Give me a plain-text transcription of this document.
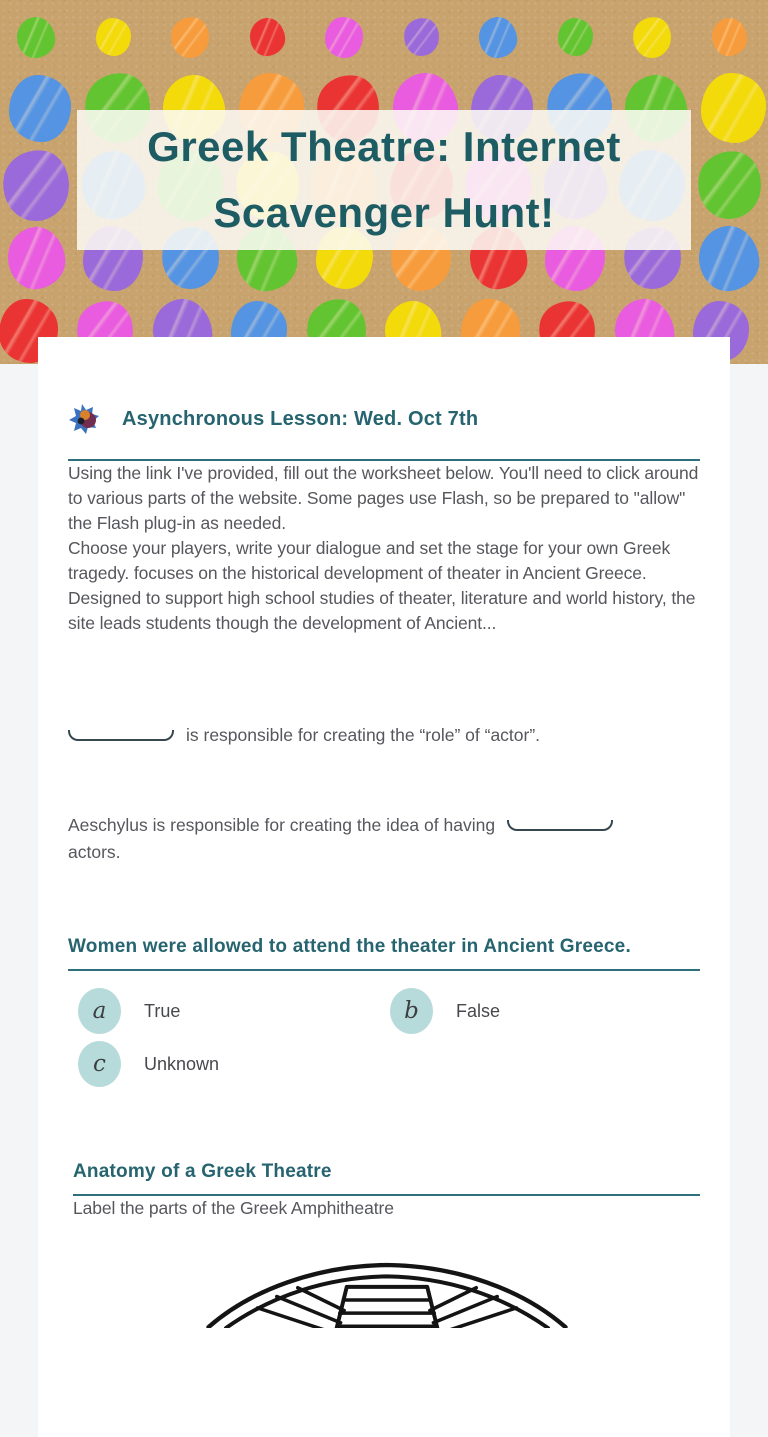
Greek Theatre: Internet Scavenger Hunt!
Asynchronous Lesson: Wed. Oct 7th

Using the link I've provided, fill out the worksheet below. You'll need to click around to various parts of the website. Some pages use Flash, so be prepared to "allow" the Flash plug-in as needed.

Choose your players, write your dialogue and set the stage for your own Greek tragedy. focuses on the historical development of theater in Ancient Greece. Designed to support high school studies of theater, literature and world history, the site leads students though the development of Ancient...

is responsible for creating the “role” of “actor”.
Aeschylus is responsible for creating the idea of having
actors.
Women were allowed to attend the theater in Ancient Greece.
a	True	b	False
c	Unknown
Anatomy of a Greek Theatre

Label the parts of the Greek Amphitheatre
